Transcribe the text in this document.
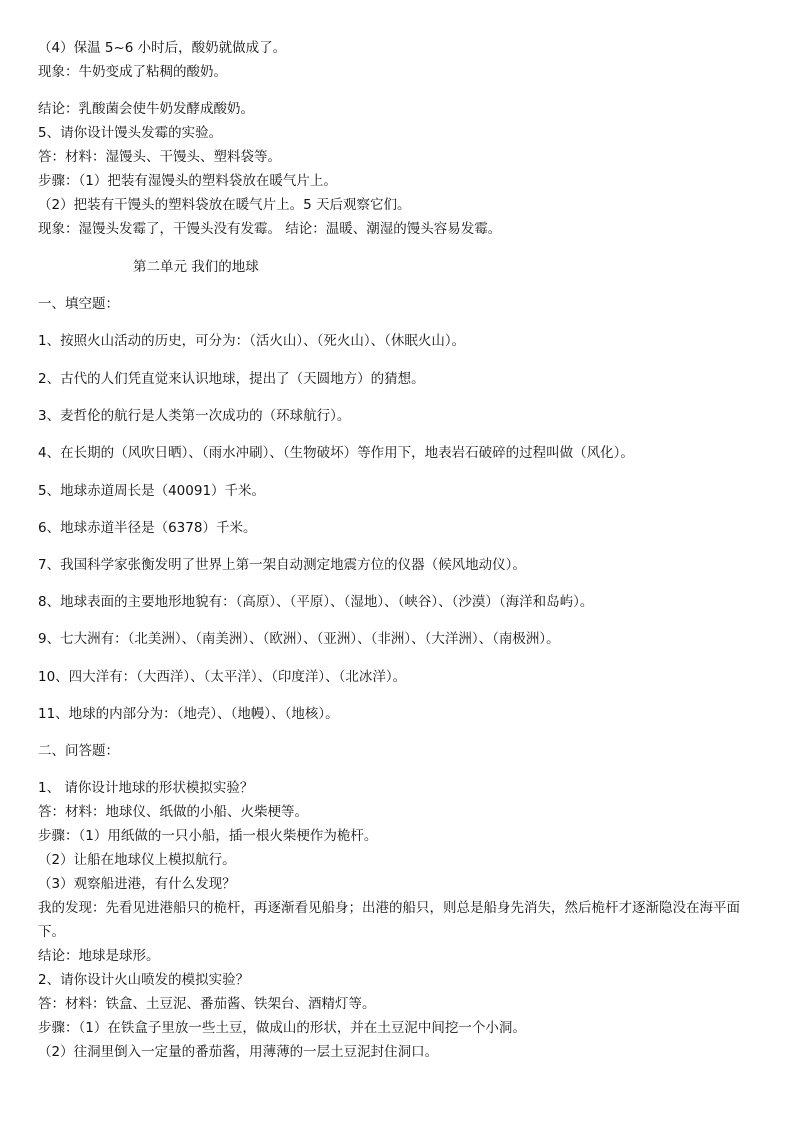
（4）保温 5~6 小时后，酸奶就做成了。
现象：牛奶变成了粘稠的酸奶。
结论：乳酸菌会使牛奶发酵成酸奶。
5、请你设计馒头发霉的实验。
答：材料：湿馒头、干馒头、塑料袋等。
步骤：（1）把装有湿馒头的塑料袋放在暖气片上。
（2）把装有干馒头的塑料袋放在暖气片上。5 天后观察它们。
现象：湿馒头发霉了，干馒头没有发霉。 结论：温暖、潮湿的馒头容易发霉。
第二单元 我们的地球
一、填空题：
1、按照火山活动的历史，可分为：（活火山）、（死火山）、（休眠火山）。
2、古代的人们凭直觉来认识地球，提出了（天圆地方）的猜想。
3、麦哲伦的航行是人类第一次成功的（环球航行）。
4、在长期的（风吹日晒）、（雨水冲刷）、（生物破坏）等作用下，地表岩石破碎的过程叫做（风化）。
5、地球赤道周长是（40091）千米。
6、地球赤道半径是（6378）千米。
7、我国科学家张衡发明了世界上第一架自动测定地震方位的仪器（候风地动仪）。
8、地球表面的主要地形地貌有：（高原）、（平原）、（湿地）、（峡谷）、（沙漠）（海洋和岛屿）。
9、七大洲有：（北美洲）、（南美洲）、（欧洲）、（亚洲）、（非洲）、（大洋洲）、（南极洲）。
10、四大洋有：（大西洋）、（太平洋）、（印度洋）、（北冰洋）。
11、地球的内部分为：（地壳）、（地幔）、（地核）。
二、问答题：
1、 请你设计地球的形状模拟实验？
答：材料：地球仪、纸做的小船、火柴梗等。
步骤：（1）用纸做的一只小船，插一根火柴梗作为桅杆。
（2）让船在地球仪上模拟航行。
（3）观察船进港，有什么发现？
我的发现：先看见进港船只的桅杆，再逐渐看见船身；出港的船只，则总是船身先消失，然后桅杆才逐渐隐没在海平面下。
结论：地球是球形。
2、请你设计火山喷发的模拟实验？
答：材料：铁盒、土豆泥、番茄酱、铁架台、酒精灯等。
步骤：（1）在铁盒子里放一些土豆，做成山的形状，并在土豆泥中间挖一个小洞。
（2）往洞里倒入一定量的番茄酱，用薄薄的一层土豆泥封住洞口。
